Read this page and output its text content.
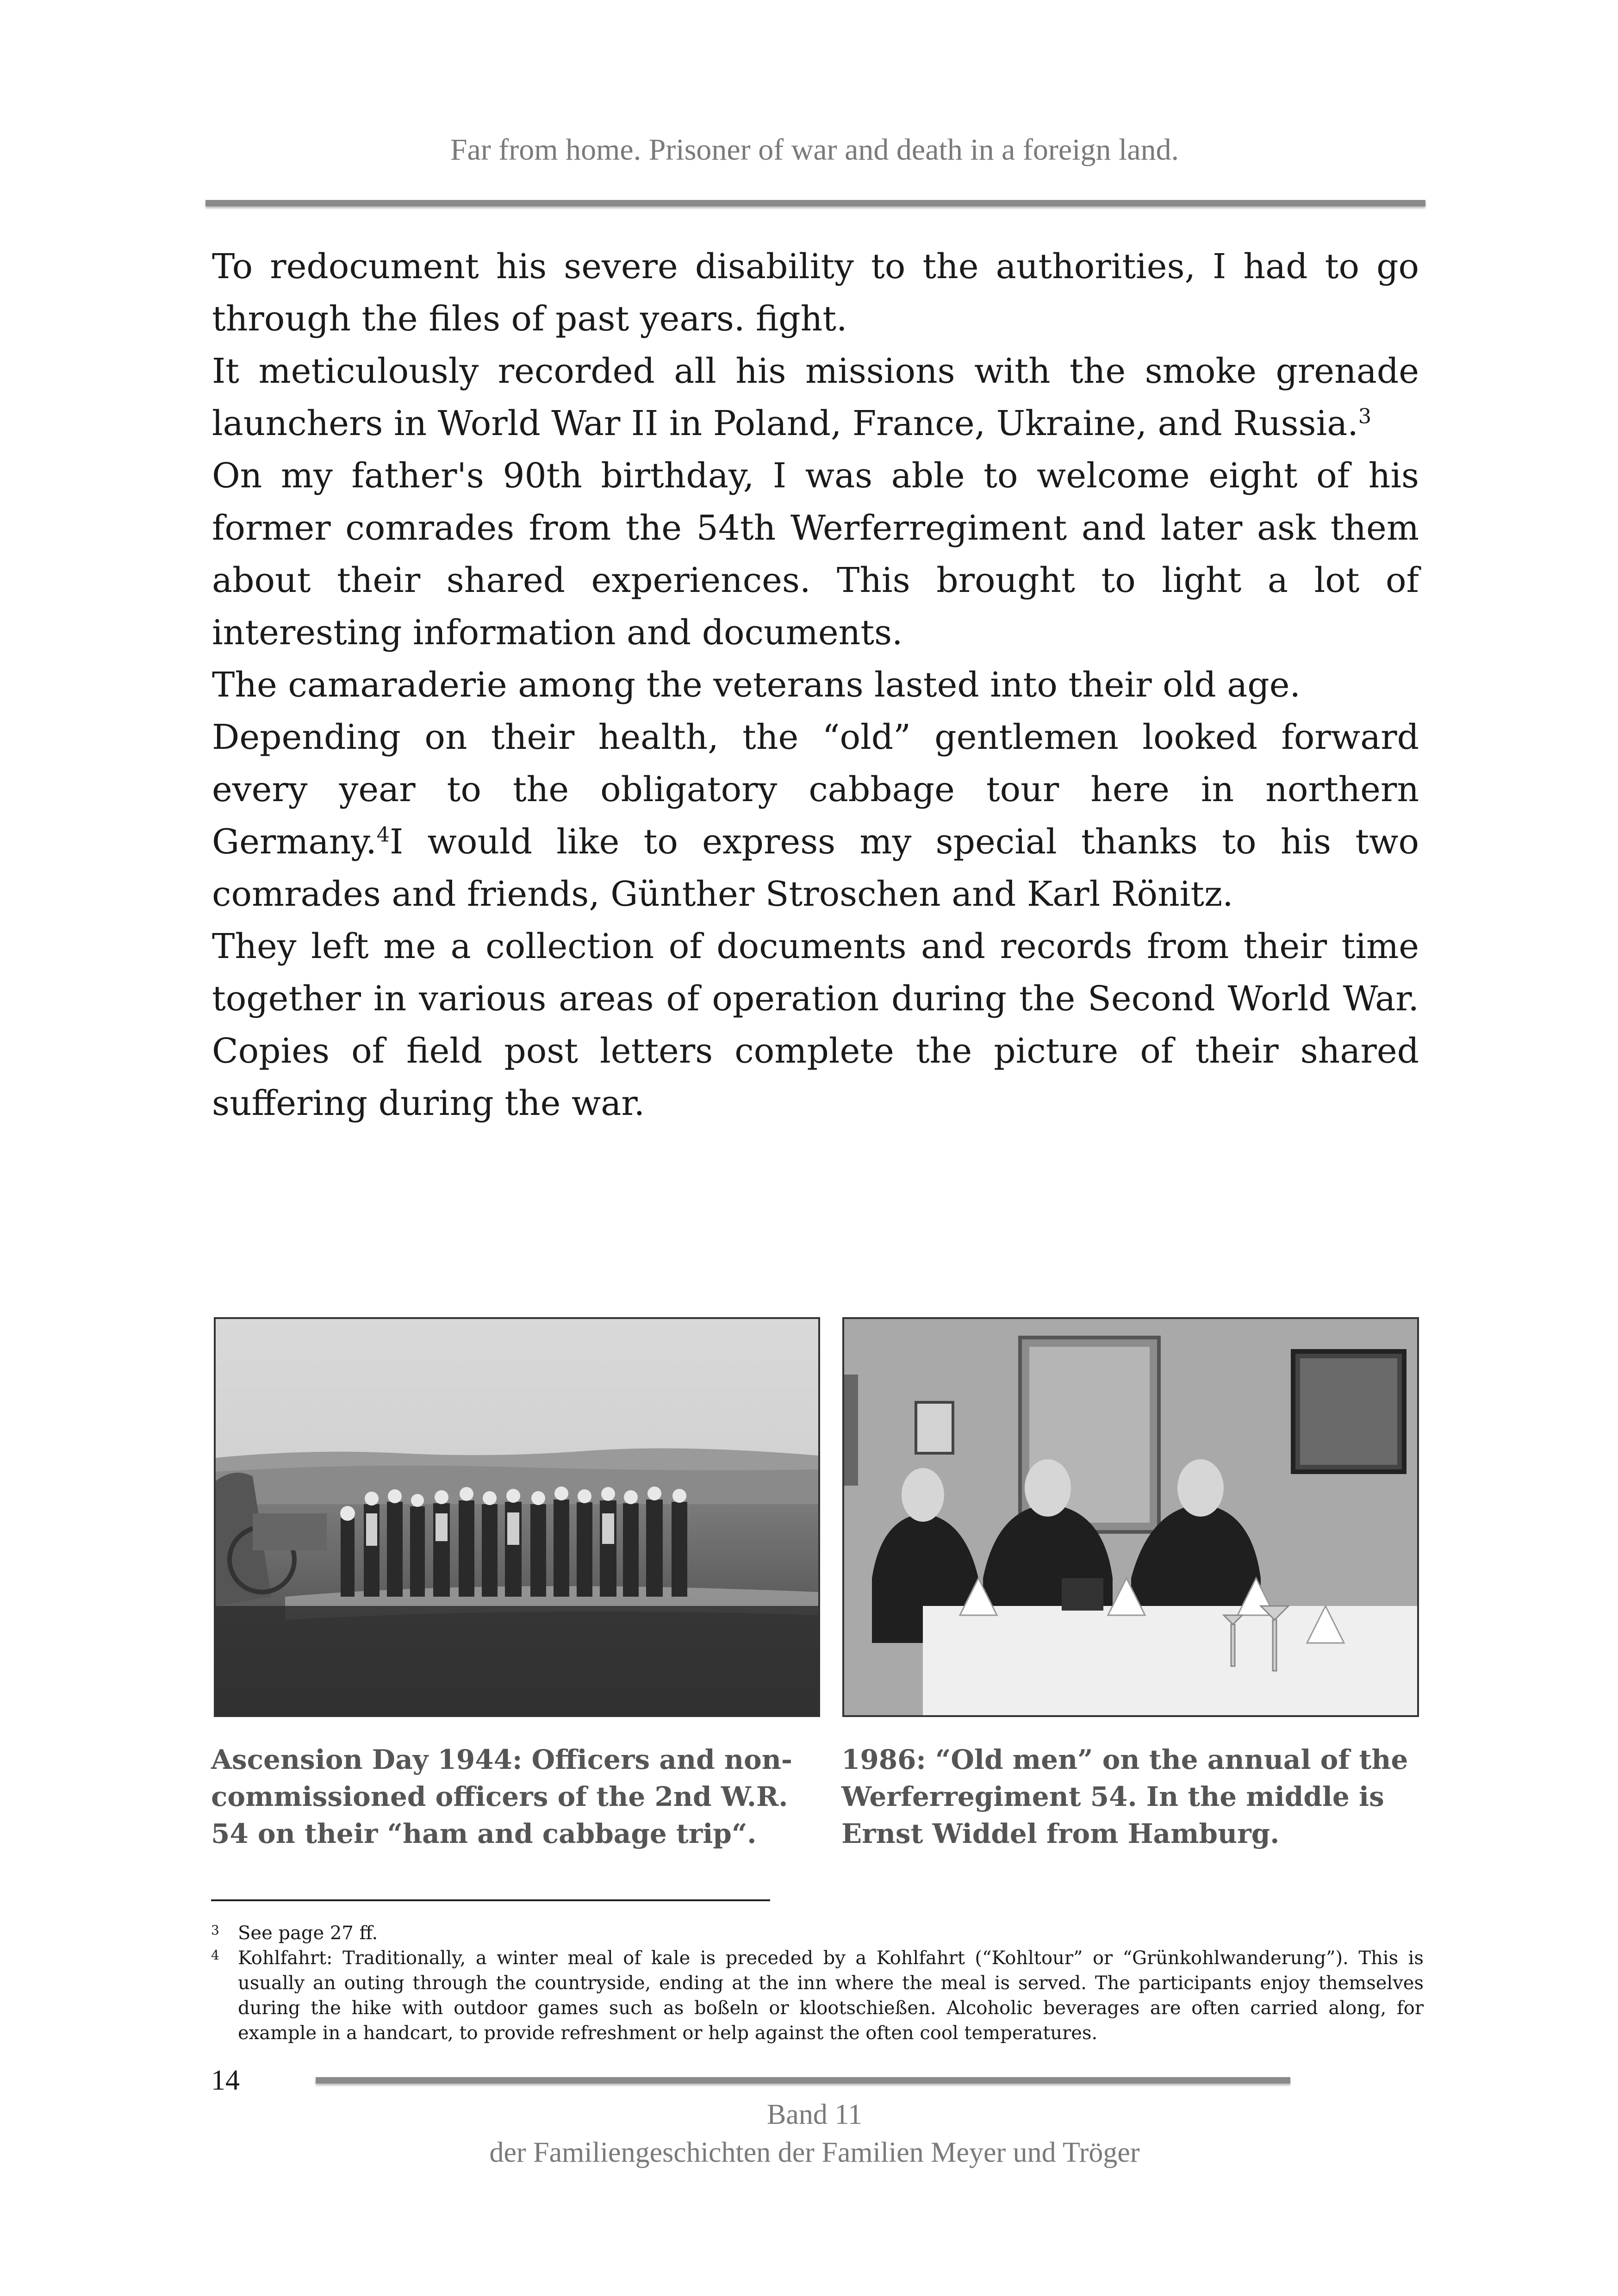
Far from home. Prisoner of war and death in a foreign land.

To redocument his severe disability to the authorities, I had to go through the files of past years. fight.

It meticulously recorded all his missions with the smoke grenade launchers in World War II in Poland, France, Ukraine, and Russia.$^3$

On my father's 90th birthday, I was able to welcome eight of his former comrades from the 54th Werferregiment and later ask them about their shared experiences. This brought to light a lot of interesting information and documents.

The camaraderie among the veterans lasted into their old age.

Depending on their health, the “old” gentlemen looked forward every year to the obligatory cabbage tour here in northern Germany.$^4$I would like to express my special thanks to his two comrades and friends, Günther Stroschen and Karl Rönitz.

They left me a collection of documents and records from their time together in various areas of operation during the Second World War. Copies of field post letters complete the picture of their shared suffering during the war.

Ascension Day 1944: Officers and non-commissioned officers of the 2nd W.R. 54 on their “ham and cabbage trip“.
1986: “Old men” on the annual of the Werferregiment 54. In the middle is Ernst Widdel from Hamburg.
3 See page 27 ff.
4 Kohlfahrt: Traditionally, a winter meal of kale is preceded by a Kohlfahrt (“Kohltour” or “Grünkohlwanderung”). This is usually an outing through the countryside, ending at the inn where the meal is served. The participants enjoy themselves during the hike with outdoor games such as boßeln or klootschießen. Alcoholic beverages are often carried along, for example in a handcart, to provide refreshment or help against the often cool temperatures.
14
Band 11
der Familiengeschichten der Familien Meyer und Tröger
